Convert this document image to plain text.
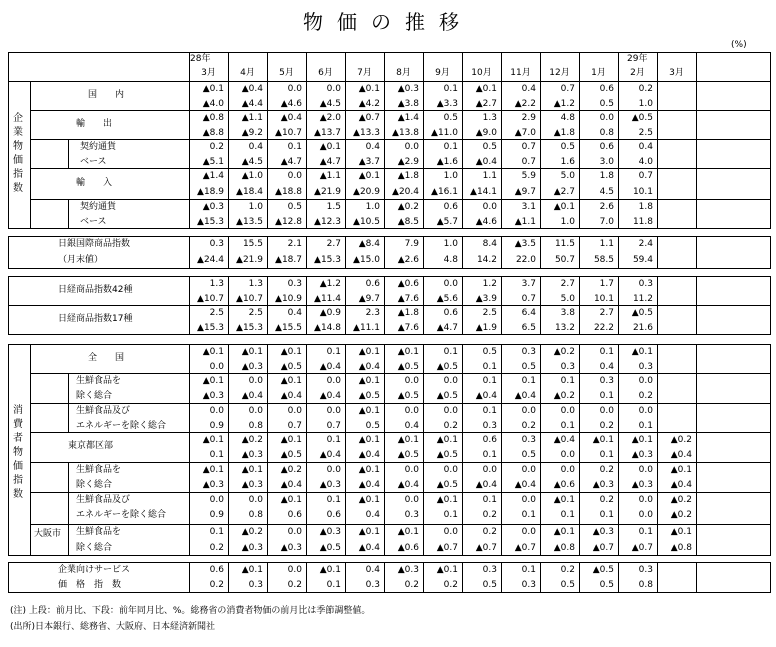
物価の推移
(%)
28年	29年
3月	4月	5月	6月	7月	8月	9月	10月	11月	12月	1月	2月	3月
国　　内
▲0.1	▲0.4	0.0	0.0	▲0.1	▲0.3	0.1	▲0.1	0.4	0.7	0.6	0.2
▲4.0	▲4.4	▲4.6	▲4.5	▲4.2	▲3.8	▲3.3	▲2.7	▲2.2	▲1.2	0.5	1.0
輸　　出
▲0.8	▲1.1	▲0.4	▲2.0	▲0.7	▲1.4	0.5	1.3	2.9	4.8	0.0	▲0.5
▲8.8	▲9.2	▲10.7	▲13.7	▲13.3	▲13.8	▲11.0	▲9.0	▲7.0	▲1.8	0.8	2.5
契約通貨
ベース
0.2	0.4	0.1	▲0.1	0.4	0.0	0.1	0.5	0.7	0.5	0.6	0.4
▲5.1	▲4.5	▲4.7	▲4.7	▲3.7	▲2.9	▲1.6	▲0.4	0.7	1.6	3.0	4.0
輸　　入
▲1.4	▲1.0	0.0	▲1.1	▲0.1	▲1.8	1.0	1.1	5.9	5.0	1.8	0.7
▲18.9	▲18.4	▲18.8	▲21.9	▲20.9	▲20.4	▲16.1	▲14.1	▲9.7	▲2.7	4.5	10.1
契約通貨
ベース
▲0.3	1.0	0.5	1.5	1.0	▲0.2	0.6	0.0	3.1	▲0.1	2.6	1.8
▲15.3	▲13.5	▲12.8	▲12.3	▲10.5	▲8.5	▲5.7	▲4.6	▲1.1	1.0	7.0	11.8
日銀国際商品指数
（月末値）
0.3	15.5	2.1	2.7	▲8.4	7.9	1.0	8.4	▲3.5	11.5	1.1	2.4
▲24.4	▲21.9	▲18.7	▲15.3	▲15.0	▲2.6	4.8	14.2	22.0	50.7	58.5	59.4
日経商品指数42種
1.3	1.3	0.3	▲1.2	0.6	▲0.6	0.0	1.2	3.7	2.7	1.7	0.3
▲10.7	▲10.7	▲10.9	▲11.4	▲9.7	▲7.6	▲5.6	▲3.9	0.7	5.0	10.1	11.2
日経商品指数17種
2.5	2.5	0.4	▲0.9	2.3	▲1.8	0.6	2.5	6.4	3.8	2.7	▲0.5
▲15.3	▲15.3	▲15.5	▲14.8	▲11.1	▲7.6	▲4.7	▲1.9	6.5	13.2	22.2	21.6
全　　国
▲0.1	▲0.1	▲0.1	0.1	▲0.1	▲0.1	0.1	0.5	0.3	▲0.2	0.1	▲0.1
0.0	▲0.3	▲0.5	▲0.4	▲0.4	▲0.5	▲0.5	0.1	0.5	0.3	0.4	0.3
生鮮食品を
除く総合
▲0.1	0.0	▲0.1	0.0	▲0.1	0.0	0.0	0.1	0.1	0.1	0.3	0.0
▲0.3	▲0.4	▲0.4	▲0.4	▲0.5	▲0.5	▲0.5	▲0.4	▲0.4	▲0.2	0.1	0.2
生鮮食品及び
エネルギーを除く総合
0.0	0.0	0.0	0.0	▲0.1	0.0	0.0	0.1	0.0	0.0	0.0	0.0
0.9	0.8	0.7	0.7	0.5	0.4	0.2	0.3	0.2	0.1	0.2	0.1
東京都区部
▲0.1	▲0.2	▲0.1	0.1	▲0.1	▲0.1	▲0.1	0.6	0.3	▲0.4	▲0.1	▲0.1	▲0.2
0.1	▲0.3	▲0.5	▲0.4	▲0.4	▲0.5	▲0.5	0.1	0.5	0.0	0.1	▲0.3	▲0.4
生鮮食品を
除く総合
▲0.1	▲0.1	▲0.2	0.0	▲0.1	0.0	0.0	0.0	0.0	0.0	0.2	0.0	▲0.1
▲0.3	▲0.3	▲0.4	▲0.3	▲0.4	▲0.4	▲0.5	▲0.4	▲0.4	▲0.6	▲0.3	▲0.3	▲0.4
生鮮食品及び
エネルギーを除く総合
0.0	0.0	▲0.1	0.1	▲0.1	0.0	▲0.1	0.1	0.0	▲0.1	0.2	0.0	▲0.2
0.9	0.8	0.6	0.6	0.4	0.3	0.1	0.2	0.1	0.1	0.1	0.0	▲0.2
生鮮食品を
除く総合
0.1	▲0.2	0.0	▲0.3	▲0.1	▲0.1	0.0	0.2	0.0	▲0.1	▲0.3	0.1	▲0.1
0.2	▲0.3	▲0.3	▲0.5	▲0.4	▲0.6	▲0.7	▲0.7	▲0.7	▲0.8	▲0.7	▲0.7	▲0.8
企業向けサービス
価　格　指　数
0.6	▲0.1	0.0	▲0.1	0.4	▲0.3	▲0.1	0.3	0.1	0.2	▲0.5	0.3
0.2	0.3	0.2	0.1	0.3	0.2	0.2	0.5	0.3	0.5	0.5	0.8
企
業
物
価
指
数
消
費
者
物
価
指
数
大阪市
(注) 上段：前月比、下段：前年同月比、%。総務省の消費者物価の前月比は季節調整値。
(出所)日本銀行、総務省、大阪府、日本経済新聞社
